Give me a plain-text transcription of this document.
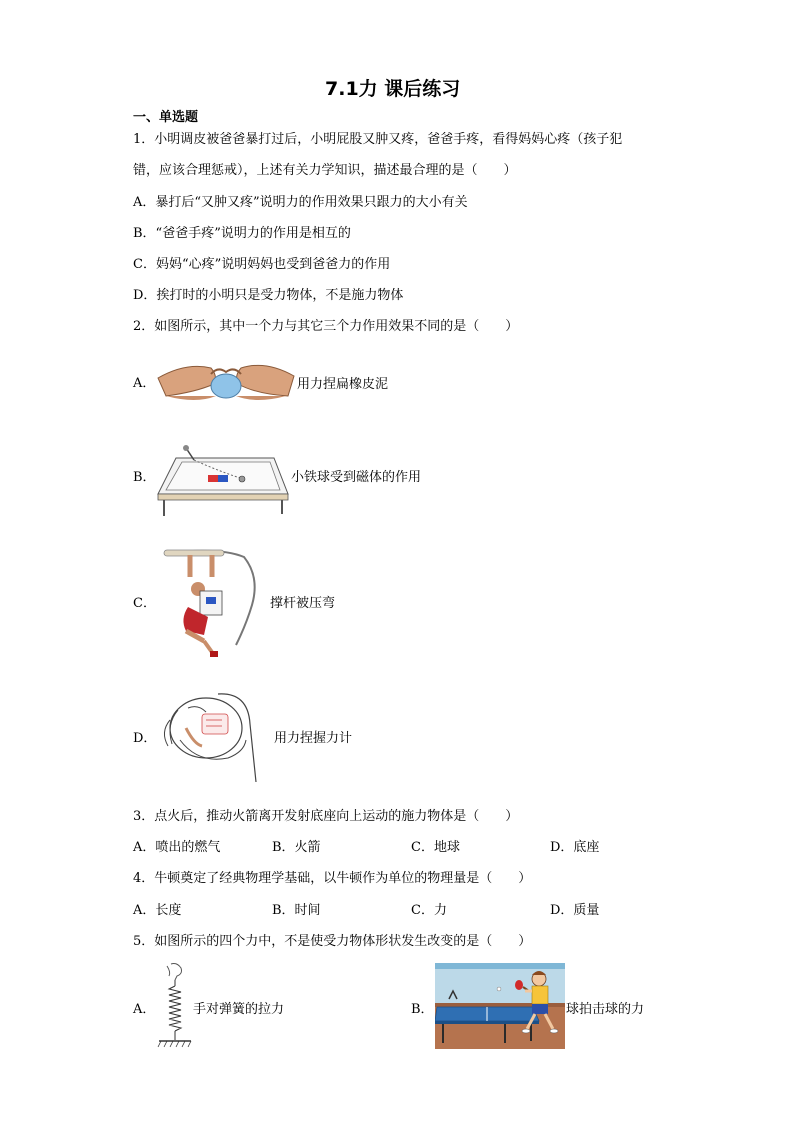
7.1力 课后练习
一、单选题
1．小明调皮被爸爸暴打过后，小明屁股又肿又疼，爸爸手疼，看得妈妈心疼（孩子犯
错，应该合理惩戒），上述有关力学知识，描述最合理的是（　　）
A．暴打后“又肿又疼”说明力的作用效果只跟力的大小有关
B．“爸爸手疼”说明力的作用是相互的
C．妈妈“心疼”说明妈妈也受到爸爸力的作用
D．挨打时的小明只是受力物体，不是施力物体
2．如图所示，其中一个力与其它三个力作用效果不同的是（　　）
A．	用力捏扁橡皮泥
B．	小铁球受到磁体的作用
C．	撑杆被压弯
D．	用力捏握力计
3．点火后，推动火箭离开发射底座向上运动的施力物体是（　　）
A．喷出的燃气	B．火箭	C．地球	D．底座
4．牛顿奠定了经典物理学基础，以牛顿作为单位的物理量是（　　）
A．长度	B．时间	C．力	D．质量
5．如图所示的四个力中，不是使受力物体形状发生改变的是（　　）
A．	手对弹簧的拉力	B．	球拍击球的力
